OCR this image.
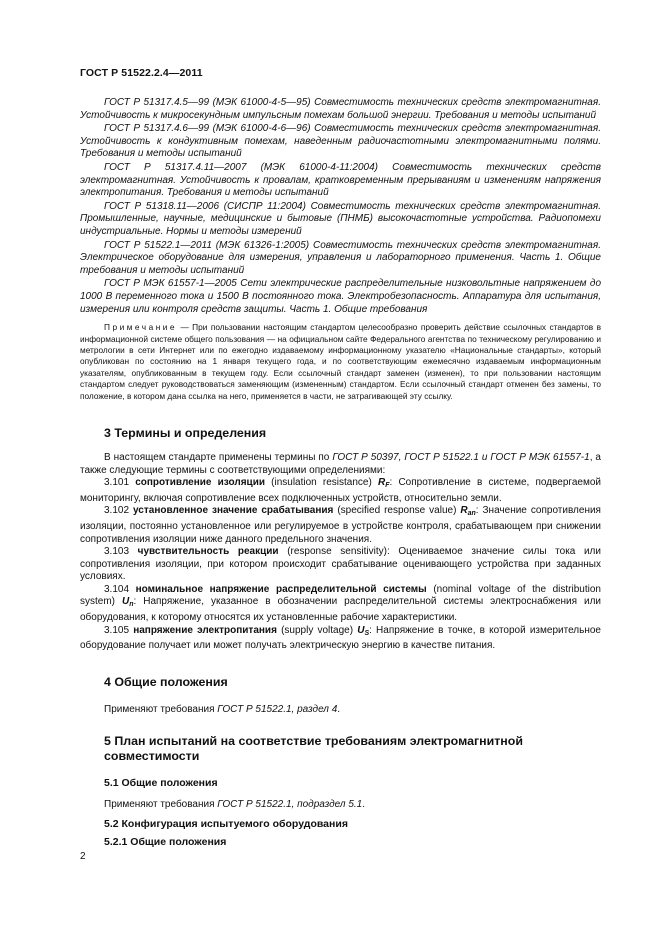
ГОСТ Р 51522.2.4—2011

ГОСТ Р 51317.4.5—99 (МЭК 61000-4-5—95) Совместимость технических средств электромагнитная. Устойчивость к микросекундным импульсным помехам большой энергии. Требования и методы испытаний

ГОСТ Р 51317.4.6—99 (МЭК 61000-4-6—96) Совместимость технических средств электромагнитная. Устойчивость к кондуктивным помехам, наведенным радиочастотными электромагнитными полями. Требования и методы испытаний

ГОСТ Р 51317.4.11—2007 (МЭК 61000-4-11:2004) Совместимость технических средств электромагнитная. Устойчивость к провалам, кратковременным прерываниям и изменениям напряжения электропитания. Требования и методы испытаний

ГОСТ Р 51318.11—2006 (СИСПР 11:2004) Совместимость технических средств электромагнитная. Промышленные, научные, медицинские и бытовые (ПНМБ) высокочастотные устройства. Радиопомехи индустриальные. Нормы и методы измерений

ГОСТ Р 51522.1—2011 (МЭК 61326-1:2005) Совместимость технических средств электромагнитная. Электрическое оборудование для измерения, управления и лабораторного применения. Часть 1. Общие требования и методы испытаний

ГОСТ Р МЭК 61557-1—2005 Сети электрические распределительные низковольтные напряжением до 1000 В переменного тока и 1500 В постоянного тока. Электробезопасность. Аппаратура для испытания, измерения или контроля средств защиты. Часть 1. Общие требования

Примечание — При пользовании настоящим стандартом целесообразно проверить действие ссылочных стандартов в информационной системе общего пользования — на официальном сайте Федерального агентства по техническому регулированию и метрологии в сети Интернет или по ежегодно издаваемому информационному указателю «Национальные стандарты», который опубликован по состоянию на 1 января текущего года, и по соответствующим ежемесячно издаваемым информационным указателям, опубликованным в текущем году. Если ссылочный стандарт заменен (изменен), то при пользовании настоящим стандартом следует руководствоваться заменяющим (измененным) стандартом. Если ссылочный стандарт отменен без замены, то положение, в котором дана ссылка на него, применяется в части, не затрагивающей эту ссылку.

3 Термины и определения

В настоящем стандарте применены термины по ГОСТ Р 50397, ГОСТ Р 51522.1 и ГОСТ Р МЭК 61557-1, а также следующие термины с соответствующими определениями:

3.101 сопротивление изоляции (insulation resistance) $R_F$: Сопротивление в системе, подвергаемой мониторингу, включая сопротивление всех подключенных устройств, относительно земли.

3.102 установленное значение срабатывания (specified response value) $R_{an}$: Значение сопротивления изоляции, постоянно установленное или регулируемое в устройстве контроля, срабатывающем при снижении сопротивления изоляции ниже данного предельного значения.

3.103 чувствительность реакции (response sensitivity): Оцениваемое значение силы тока или сопротивления изоляции, при котором происходит срабатывание оценивающего устройства при заданных условиях.

3.104 номинальное напряжение распределительной системы (nominal voltage of the distribution system) $U_n$: Напряжение, указанное в обозначении распределительной системы электроснабжения или оборудования, к которому относятся их установленные рабочие характеристики.

3.105 напряжение электропитания (supply voltage) $U_S$: Напряжение в точке, в которой измерительное оборудование получает или может получать электрическую энергию в качестве питания.

4 Общие положения

Применяют требования ГОСТ Р 51522.1, раздел 4.

5 План испытаний на соответствие требованиям электромагнитной совместимости
5.1 Общие положения

Применяют требования ГОСТ Р 51522.1, подраздел 5.1.

5.2 Конфигурация испытуемого оборудования
5.2.1 Общие положения
2
